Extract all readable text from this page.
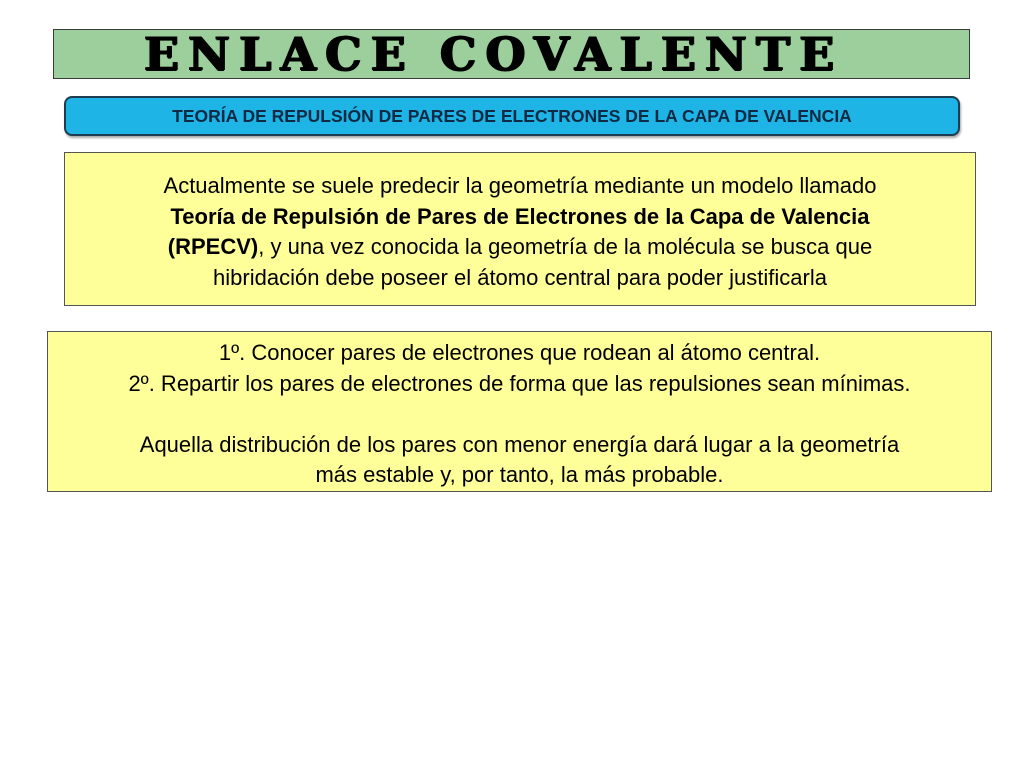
ENLACE COVALENTE
TEORÍA DE REPULSIÓN DE PARES DE ELECTRONES DE LA CAPA DE VALENCIA
Actualmente se suele predecir la geometría mediante un modelo llamado
Teoría de Repulsión de Pares de Electrones de la Capa de Valencia
(RPECV), y una vez conocida la geometría de la molécula se busca que
hibridación debe poseer el átomo central para poder justificarla
1º. Conocer pares de electrones que rodean al átomo central.
2º. Repartir los pares de electrones de forma que las repulsiones sean mínimas.
Aquella distribución de los pares con menor energía dará lugar a la geometría
más estable y, por tanto, la más probable.
